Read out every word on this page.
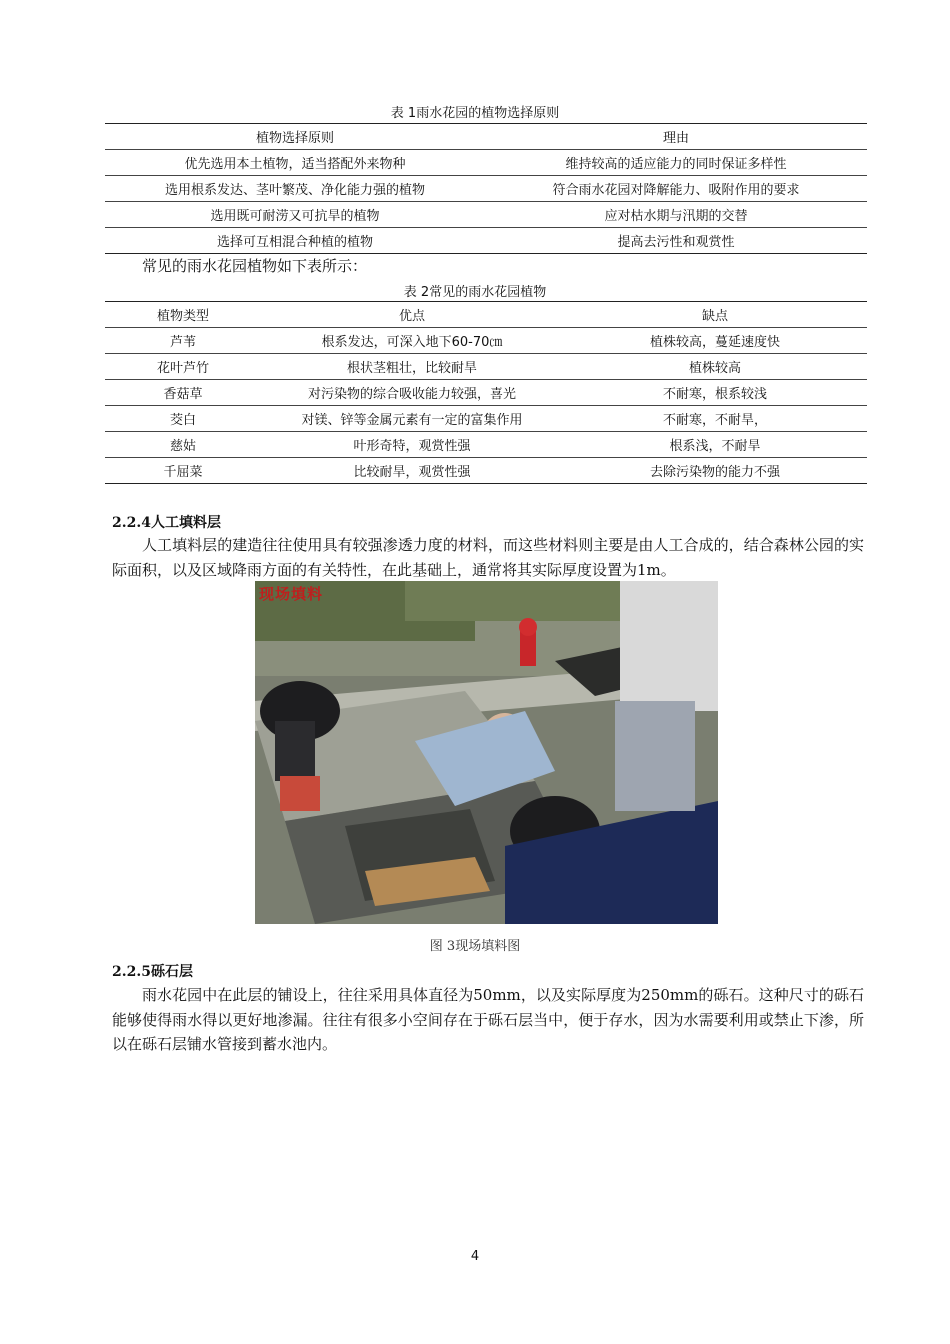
表 1雨水花园的植物选择原则
植物选择原则	理由
优先选用本土植物，适当搭配外来物种	维持较高的适应能力的同时保证多样性
选用根系发达、茎叶繁茂、净化能力强的植物	符合雨水花园对降解能力、吸附作用的要求
选用既可耐涝又可抗旱的植物	应对枯水期与汛期的交替
选择可互相混合种植的植物	提高去污性和观赏性
常见的雨水花园植物如下表所示：
表 2常见的雨水花园植物
植物类型	优点	缺点
芦苇	根系发达，可深入地下60-70㎝	植株较高，蔓延速度快
花叶芦竹	根状茎粗壮，比较耐旱	植株较高
香菇草	对污染物的综合吸收能力较强，喜光	不耐寒，根系较浅
茭白	对镁、锌等金属元素有一定的富集作用	不耐寒，不耐旱，
慈姑	叶形奇特，观赏性强	根系浅，不耐旱
千屈菜	比较耐旱，观赏性强	去除污染物的能力不强
2.2.4人工填料层
人工填料层的建造往往使用具有较强渗透力度的材料，而这些材料则主要是由人工合成的，结合森林公园的实际面积，以及区域降雨方面的有关特性，在此基础上，通常将其实际厚度设置为1m。
现场填料
图 3现场填料图
2.2.5砾石层
雨水花园中在此层的铺设上，往往采用具体直径为50mm，以及实际厚度为250mm的砾石。这种尺寸的砾石能够使得雨水得以更好地渗漏。往往有很多小空间存在于砾石层当中，便于存水，因为水需要利用或禁止下渗，所以在砾石层铺水管接到蓄水池内。
4
